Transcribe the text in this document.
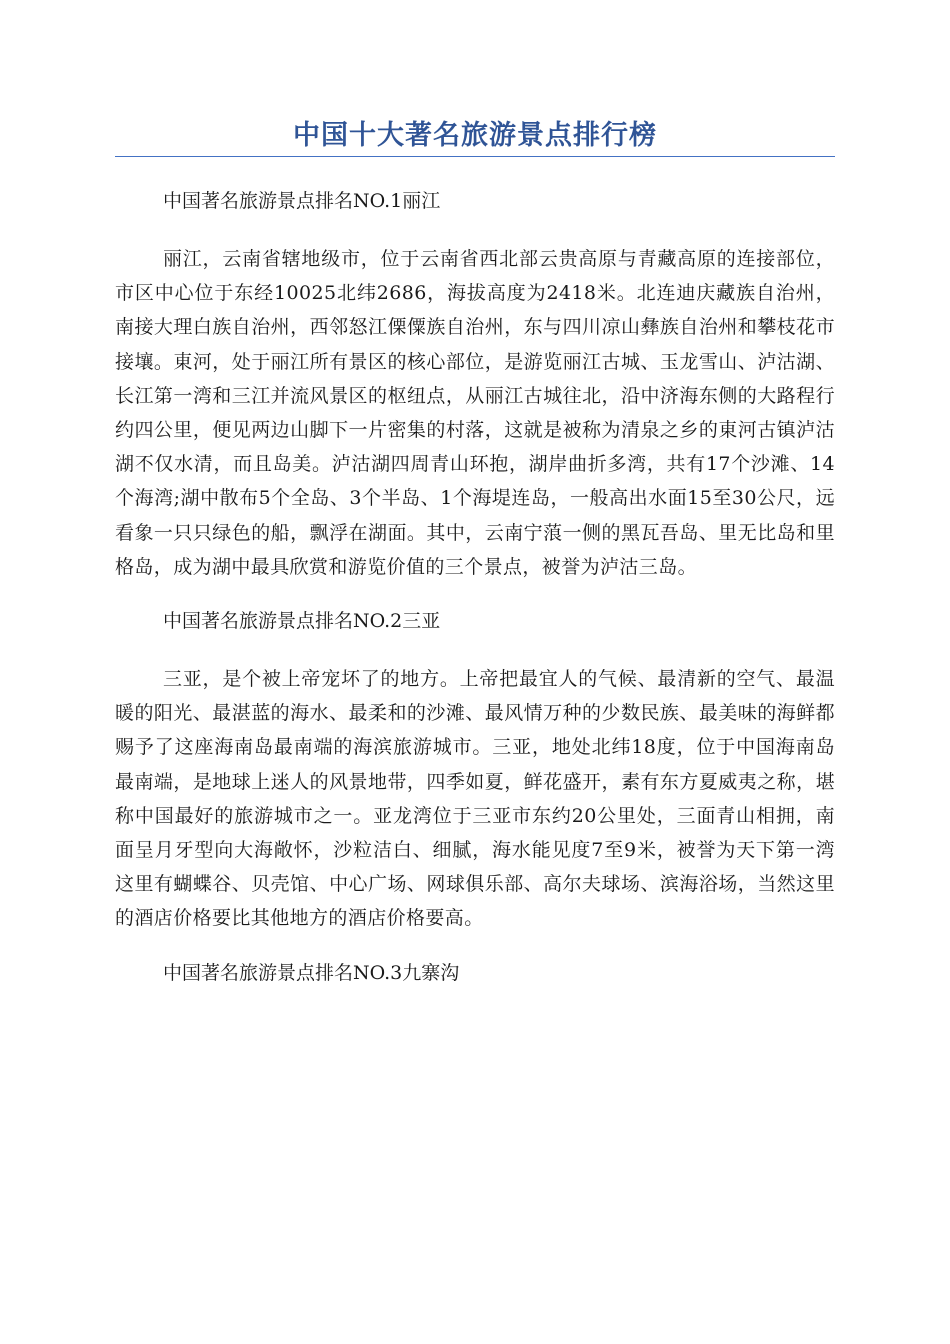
中国十大著名旅游景点排行榜

中国著名旅游景点排名NO.1丽江

丽江，云南省辖地级市，位于云南省西北部云贵高原与青藏高原的连接部位，市区中心位于东经10025北纬2686，海拔高度为2418米。北连迪庆藏族自治州，南接大理白族自治州，西邻怒江傈僳族自治州，东与四川凉山彝族自治州和攀枝花市接壤。東河，处于丽江所有景区的核心部位，是游览丽江古城、玉龙雪山、泸沽湖、长江第一湾和三江并流风景区的枢纽点，从丽江古城往北，沿中济海东侧的大路程行约四公里，便见两边山脚下一片密集的村落，这就是被称为清泉之乡的東河古镇泸沽湖不仅水清，而且岛美。泸沽湖四周青山环抱，湖岸曲折多湾，共有17个沙滩、14个海湾;湖中散布5个全岛、3个半岛、1个海堤连岛，一般高出水面15至30公尺，远看象一只只绿色的船，飘浮在湖面。其中，云南宁蒗一侧的黑瓦吾岛、里无比岛和里格岛，成为湖中最具欣赏和游览价值的三个景点，被誉为泸沽三岛。

中国著名旅游景点排名NO.2三亚

三亚，是个被上帝宠坏了的地方。上帝把最宜人的气候、最清新的空气、最温暖的阳光、最湛蓝的海水、最柔和的沙滩、最风情万种的少数民族、最美味的海鲜都赐予了这座海南岛最南端的海滨旅游城市。三亚，地处北纬18度，位于中国海南岛最南端，是地球上迷人的风景地带，四季如夏，鲜花盛开，素有东方夏威夷之称，堪称中国最好的旅游城市之一。亚龙湾位于三亚市东约20公里处，三面青山相拥，南面呈月牙型向大海敞怀，沙粒洁白、细腻，海水能见度7至9米，被誉为天下第一湾这里有蝴蝶谷、贝壳馆、中心广场、网球俱乐部、高尔夫球场、滨海浴场，当然这里的酒店价格要比其他地方的酒店价格要高。

中国著名旅游景点排名NO.3九寨沟
